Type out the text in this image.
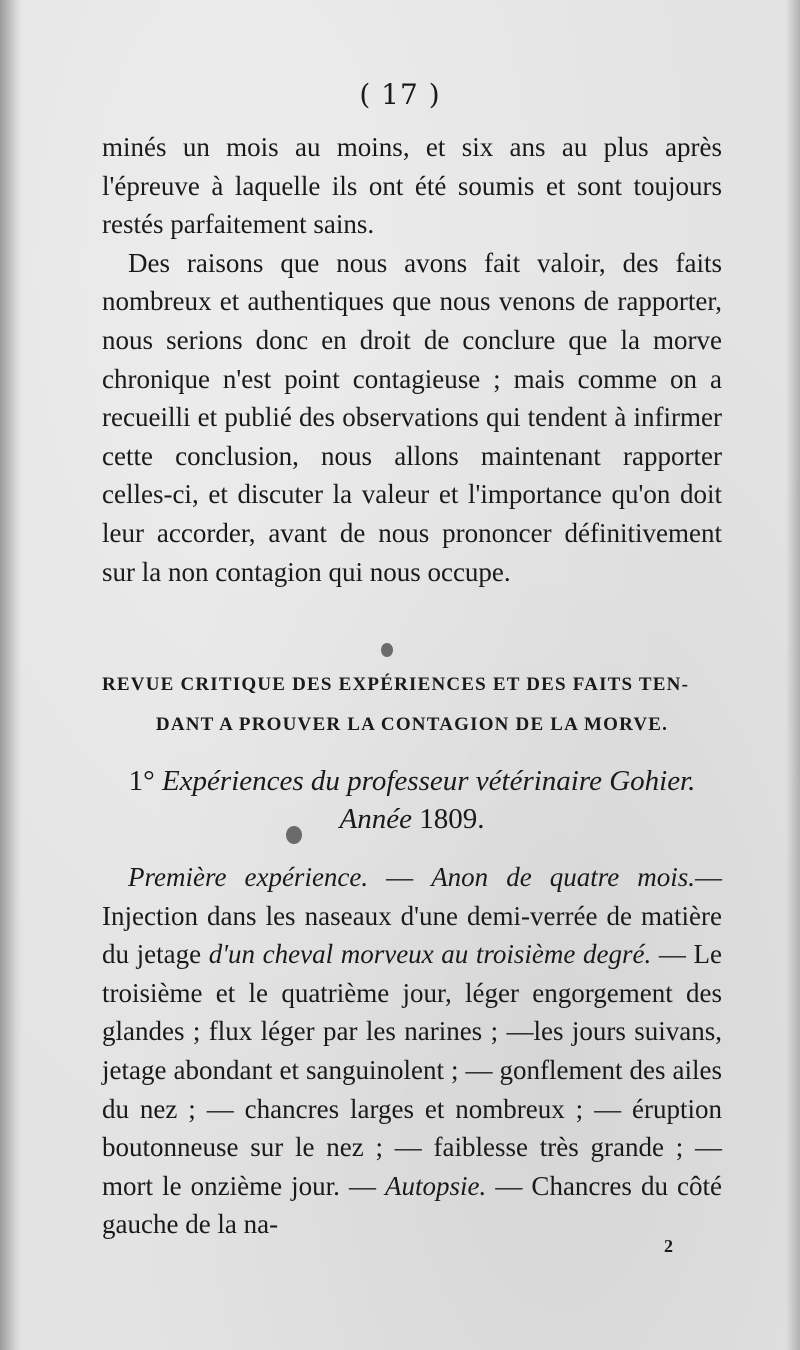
( 17 )

minés un mois au moins, et six ans au plus après l'épreuve à laquelle ils ont été soumis et sont toujours restés parfaitement sains.

Des raisons que nous avons fait valoir, des faits nombreux et authentiques que nous venons de rapporter, nous serions donc en droit de conclure que la morve chronique n'est point contagieuse ; mais comme on a recueilli et publié des observations qui tendent à infirmer cette conclusion, nous allons maintenant rapporter celles-ci, et discuter la valeur et l'importance qu'on doit leur accorder, avant de nous prononcer définitivement sur la non contagion qui nous occupe.

REVUE CRITIQUE DES EXPÉRIENCES ET DES FAITS TEN-
DANT A PROUVER LA CONTAGION DE LA MORVE.
1° Expériences du professeur vétérinaire Gohier.
Année 1809.

Première expérience. — Anon de quatre mois.— Injection dans les naseaux d'une demi-verrée de matière du jetage d'un cheval morveux au troisième degré. — Le troisième et le quatrième jour, léger engorgement des glandes ; flux léger par les narines ; —les jours suivans, jetage abondant et sanguinolent ; — gonflement des ailes du nez ; — chancres larges et nombreux ; — éruption boutonneuse sur le nez ; — faiblesse très grande ; — mort le onzième jour. — Autopsie. — Chancres du côté gauche de la na-

2
